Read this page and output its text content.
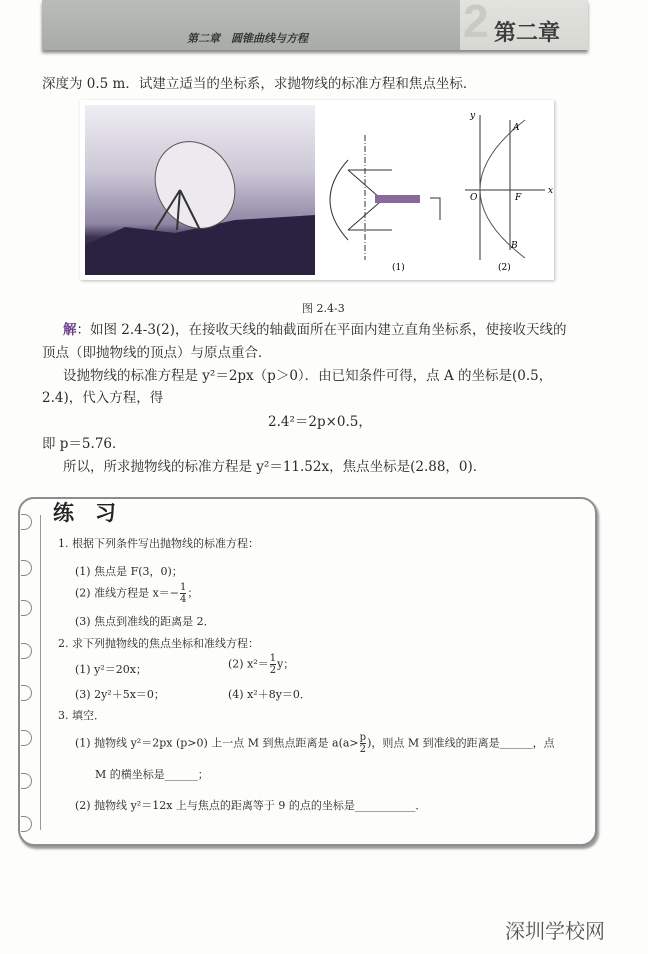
2 第二章
第二章　圆锥曲线与方程
深度为 0.5 m．试建立适当的坐标系，求抛物线的标准方程和焦点坐标．
y
x
O	F
A
B
(1)	(2)
图 2.4-3
解：如图 2.4-3(2)，在接收天线的轴截面所在平面内建立直角坐标系，使接收天线的
顶点（即抛物线的顶点）与原点重合．
设抛物线的标准方程是 y²＝2px（p＞0）．由已知条件可得，点 A 的坐标是(0.5，
2.4)，代入方程，得
2.4²＝2p×0.5，
即 p＝5.76．
所以，所求抛物线的标准方程是 y²＝11.52x，焦点坐标是(2.88，0)．
练　习
1. 根据下列条件写出抛物线的标准方程：
(1) 焦点是 F(3，0)；
(2) 准线方程是 $x=- \frac{1}{4}$ ；
(3) 焦点到准线的距离是 2．
2. 求下列抛物线的焦点坐标和准线方程：
(1) y²＝20x；	(2) $x^2= \frac{1}{2}$ y；
(3) 2y²＋5x＝0；	(4) x²＋8y＝0．
3. 填空．
(1) 抛物线 y²＝2px (p>0) 上一点 M 到焦点距离是 $a(a> \frac{p}{2}$ )，则点 M 到准线的距离是______，点
M 的横坐标是______；
(2) 抛物线 y²＝12x 上与焦点的距离等于 9 的点的坐标是___________．
深圳学校网
